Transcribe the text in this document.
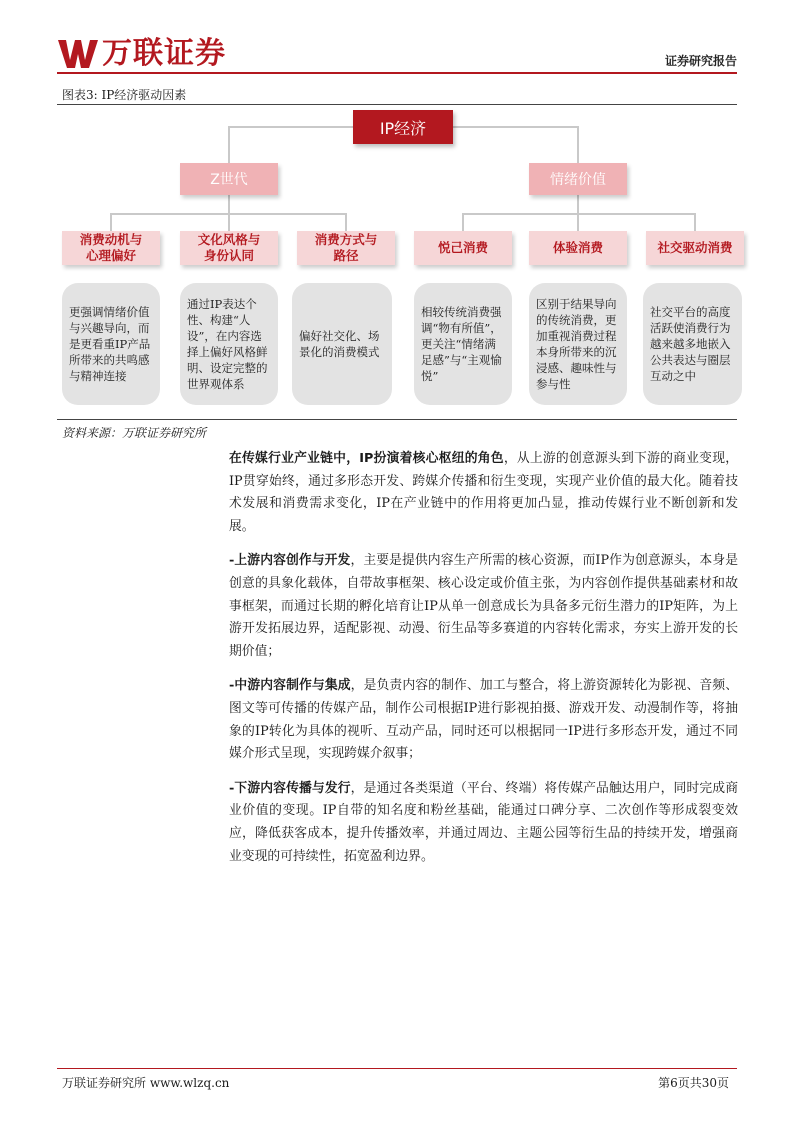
万联证券	证券研究报告
图表3: IP经济驱动因素
IP经济
Z世代	情绪价值
消费动机与
心理偏好
文化风格与
身份认同
消费方式与
路径
悦己消费	体验消费	社交驱动消费
更强调情绪价值与兴趣导向，而是更看重IP产品所带来的共鸣感与精神连接
通过IP表达个性、构建“人设”，在内容选择上偏好风格鲜明、设定完整的世界观体系
偏好社交化、场景化的消费模式
相较传统消费强调“物有所值”，更关注“情绪满足感”与“主观愉悦”
区别于结果导向的传统消费，更加重视消费过程本身所带来的沉浸感、趣味性与参与性
社交平台的高度活跃使消费行为越来越多地嵌入公共表达与圈层互动之中
资料来源：万联证券研究所

在传媒行业产业链中，IP扮演着核心枢纽的角色，从上游的创意源头到下游的商业变现，IP贯穿始终，通过多形态开发、跨媒介传播和衍生变现，实现产业价值的最大化。随着技术发展和消费需求变化，IP在产业链中的作用将更加凸显，推动传媒行业不断创新和发展。

-上游内容创作与开发，主要是提供内容生产所需的核心资源，而IP作为创意源头，本身是创意的具象化载体，自带故事框架、核心设定或价值主张，为内容创作提供基础素材和故事框架，而通过长期的孵化培育让IP从单一创意成长为具备多元衍生潜力的IP矩阵，为上游开发拓展边界，适配影视、动漫、衍生品等多赛道的内容转化需求，夯实上游开发的长期价值；

-中游内容制作与集成，是负责内容的制作、加工与整合，将上游资源转化为影视、音频、图文等可传播的传媒产品，制作公司根据IP进行影视拍摄、游戏开发、动漫制作等，将抽象的IP转化为具体的视听、互动产品，同时还可以根据同一IP进行多形态开发，通过不同媒介形式呈现，实现跨媒介叙事；

-下游内容传播与发行，是通过各类渠道（平台、终端）将传媒产品触达用户，同时完成商业价值的变现。IP自带的知名度和粉丝基础，能通过口碑分享、二次创作等形成裂变效应，降低获客成本，提升传播效率，并通过周边、主题公园等衍生品的持续开发，增强商业变现的可持续性，拓宽盈利边界。

万联证券研究所 www.wlzq.cn	第6页共30页
